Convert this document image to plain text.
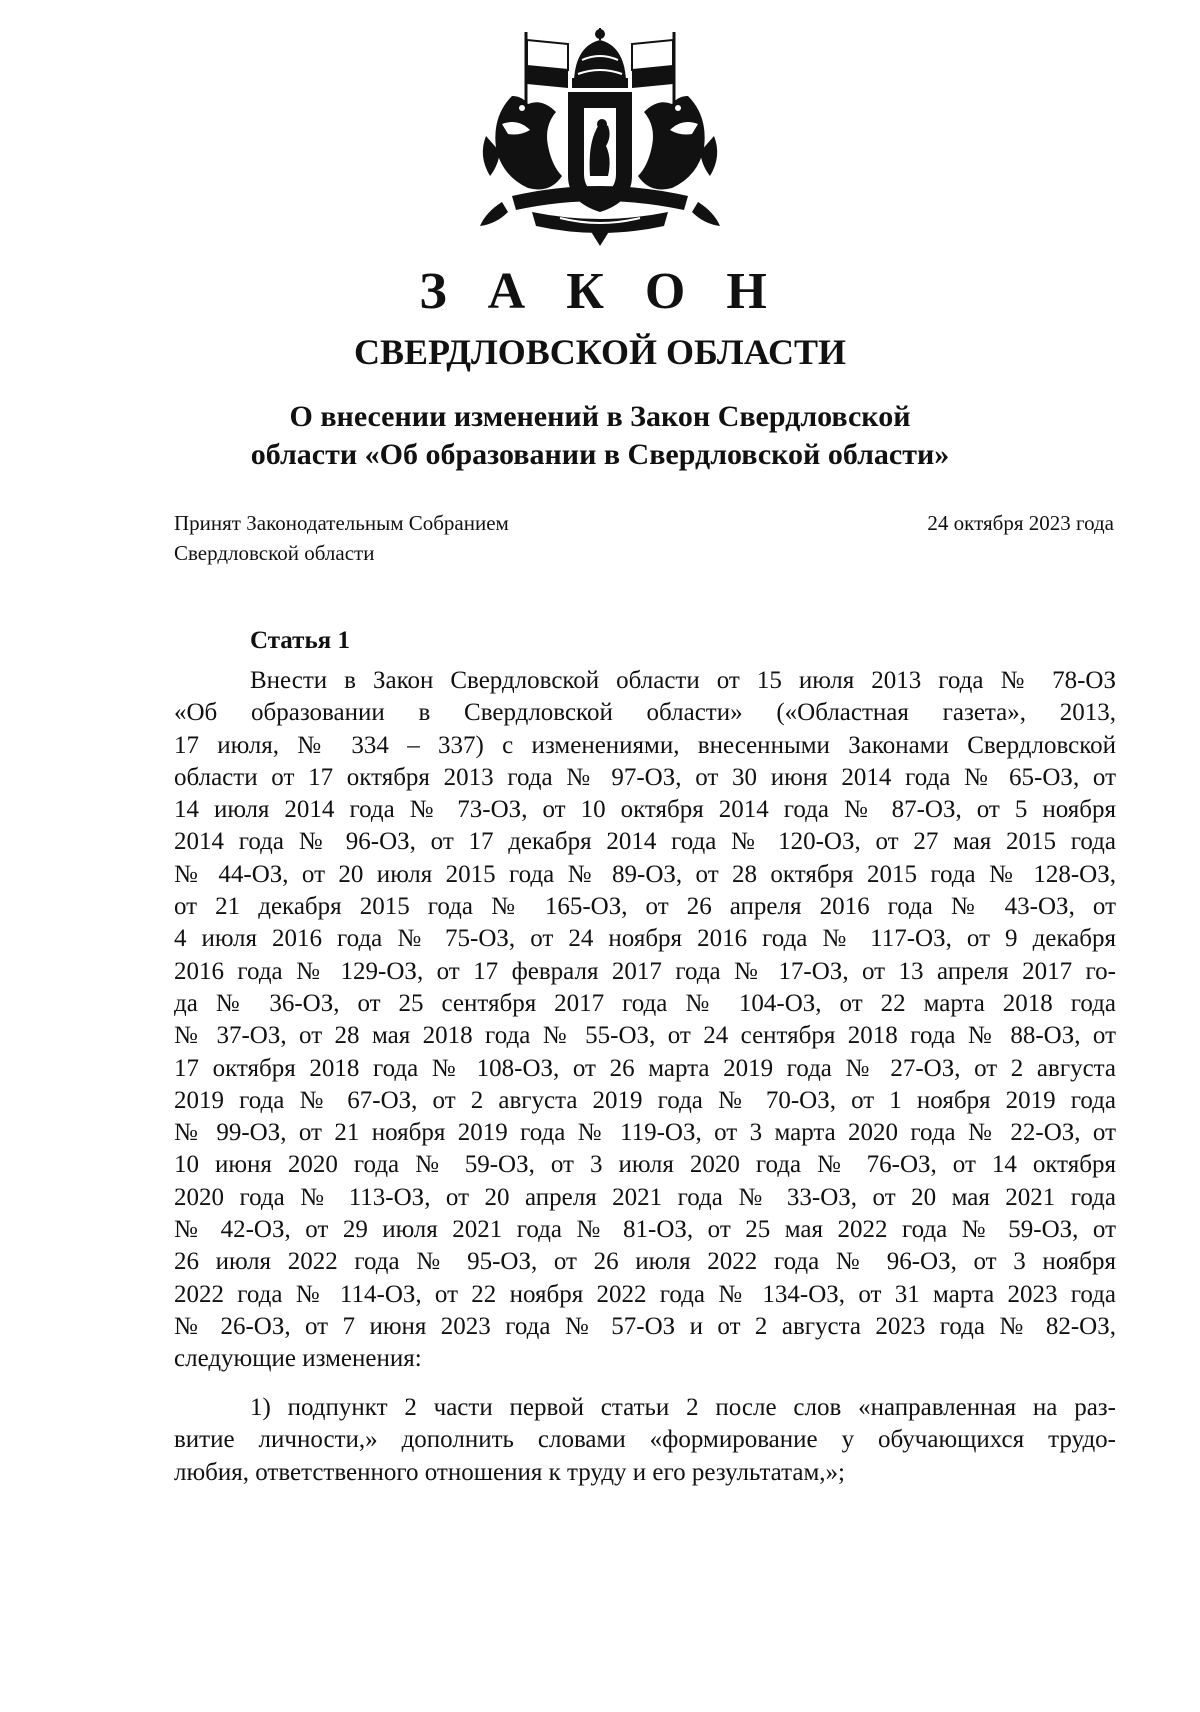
З А К О Н
СВЕРДЛОВСКОЙ ОБЛАСТИ
О внесении изменений в Закон Свердловской
области «Об образовании в Свердловской области»
Принят Законодательным Собранием
Свердловской области
24 октября 2023 года
Статья 1
Внести в Закон Свердловской области от 15 июля 2013 года № 78-ОЗ
«Об образовании в Свердловской области» («Областная газета», 2013,
17 июля, № 334 – 337) с изменениями, внесенными Законами Свердловской
области от 17 октября 2013 года № 97-ОЗ, от 30 июня 2014 года № 65-ОЗ, от
14 июля 2014 года № 73-ОЗ, от 10 октября 2014 года № 87-ОЗ, от 5 ноября
2014 года № 96-ОЗ, от 17 декабря 2014 года № 120-ОЗ, от 27 мая 2015 года
№ 44-ОЗ, от 20 июля 2015 года № 89-ОЗ, от 28 октября 2015 года № 128-ОЗ,
от 21 декабря 2015 года № 165-ОЗ, от 26 апреля 2016 года № 43-ОЗ, от
4 июля 2016 года № 75-ОЗ, от 24 ноября 2016 года № 117-ОЗ, от 9 декабря
2016 года № 129-ОЗ, от 17 февраля 2017 года № 17-ОЗ, от 13 апреля 2017 го-
да № 36-ОЗ, от 25 сентября 2017 года № 104-ОЗ, от 22 марта 2018 года
№ 37-ОЗ, от 28 мая 2018 года № 55-ОЗ, от 24 сентября 2018 года № 88-ОЗ, от
17 октября 2018 года № 108-ОЗ, от 26 марта 2019 года № 27-ОЗ, от 2 августа
2019 года № 67-ОЗ, от 2 августа 2019 года № 70-ОЗ, от 1 ноября 2019 года
№ 99-ОЗ, от 21 ноября 2019 года № 119-ОЗ, от 3 марта 2020 года № 22-ОЗ, от
10 июня 2020 года № 59-ОЗ, от 3 июля 2020 года № 76-ОЗ, от 14 октября
2020 года № 113-ОЗ, от 20 апреля 2021 года № 33-ОЗ, от 20 мая 2021 года
№ 42-ОЗ, от 29 июля 2021 года № 81-ОЗ, от 25 мая 2022 года № 59-ОЗ, от
26 июля 2022 года № 95-ОЗ, от 26 июля 2022 года № 96-ОЗ, от 3 ноября
2022 года № 114-ОЗ, от 22 ноября 2022 года № 134-ОЗ, от 31 марта 2023 года
№ 26-ОЗ, от 7 июня 2023 года № 57-ОЗ и от 2 августа 2023 года № 82-ОЗ,
следующие изменения:
1) подпункт 2 части первой статьи 2 после слов «направленная на раз-
витие личности,» дополнить словами «формирование у обучающихся трудо-
любия, ответственного отношения к труду и его результатам,»;
